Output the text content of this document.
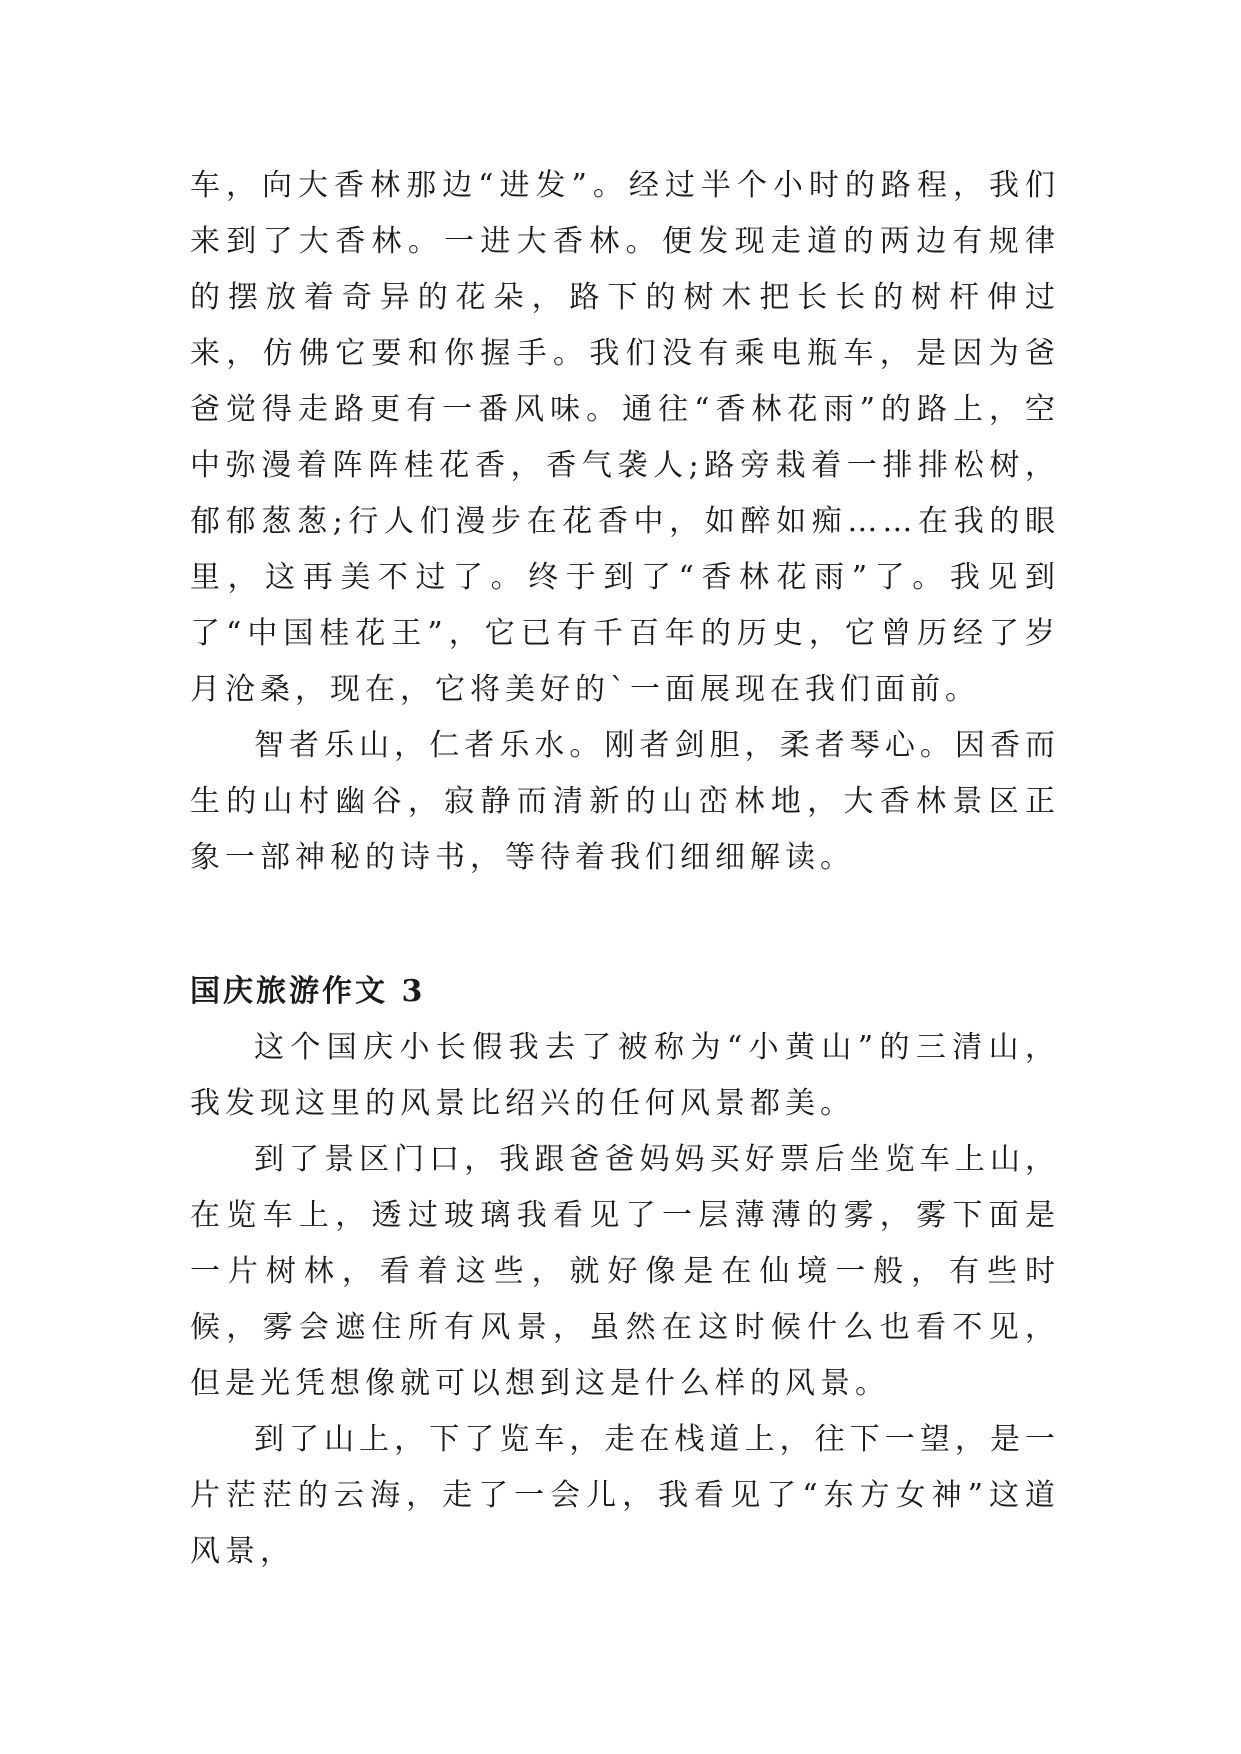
车，向大香林那边“进发”。经过半个小时的路程，我们来到了大香林。一进大香林。便发现走道的两边有规律的摆放着奇异的花朵，路下的树木把长长的树杆伸过来，仿佛它要和你握手。我们没有乘电瓶车，是因为爸爸觉得走路更有一番风味。通往“香林花雨”的路上，空中弥漫着阵阵桂花香，香气袭人;路旁栽着一排排松树，郁郁葱葱;行人们漫步在花香中，如醉如痴……在我的眼里，这再美不过了。终于到了“香林花雨”了。我见到了“中国桂花王”，它已有千百年的历史，它曾历经了岁月沧桑，现在，它将美好的`一面展现在我们面前。

智者乐山，仁者乐水。刚者剑胆，柔者琴心。因香而生的山村幽谷，寂静而清新的山峦林地，大香林景区正象一部神秘的诗书，等待着我们细细解读。

国庆旅游作文 3

这个国庆小长假我去了被称为“小黄山”的三清山，我发现这里的风景比绍兴的任何风景都美。

到了景区门口，我跟爸爸妈妈买好票后坐览车上山，在览车上，透过玻璃我看见了一层薄薄的雾，雾下面是一片树林，看着这些，就好像是在仙境一般，有些时候，雾会遮住所有风景，虽然在这时候什么也看不见，但是光凭想像就可以想到这是什么样的风景。

到了山上，下了览车，走在栈道上，往下一望，是一片茫茫的云海，走了一会儿，我看见了“东方女神”这道风景，
